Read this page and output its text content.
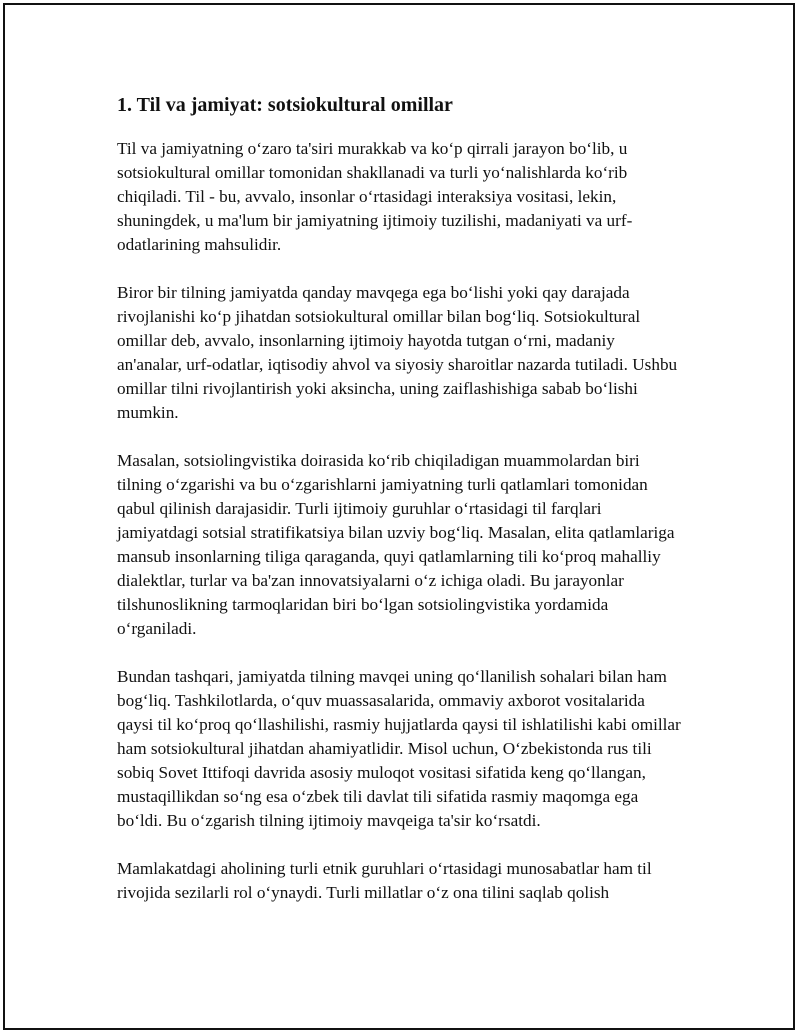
1. Til va jamiyat: sotsiokultural omillar

Til va jamiyatning o‘zaro ta'siri murakkab va ko‘p qirrali jarayon bo‘lib, u sotsiokultural omillar tomonidan shakllanadi va turli yo‘nalishlarda ko‘rib chiqiladi. Til - bu, avvalo, insonlar o‘rtasidagi interaksiya vositasi, lekin, shuningdek, u ma'lum bir jamiyatning ijtimoiy tuzilishi, madaniyati va urf-odatlarining mahsulidir.

Biror bir tilning jamiyatda qanday mavqega ega bo‘lishi yoki qay darajada rivojlanishi ko‘p jihatdan sotsiokultural omillar bilan bog‘liq. Sotsiokultural omillar deb, avvalo, insonlarning ijtimoiy hayotda tutgan o‘rni, madaniy an'analar, urf-odatlar, iqtisodiy ahvol va siyosiy sharoitlar nazarda tutiladi. Ushbu omillar tilni rivojlantirish yoki aksincha, uning zaiflashishiga sabab bo‘lishi mumkin.

Masalan, sotsiolingvistika doirasida ko‘rib chiqiladigan muammolardan biri tilning o‘zgarishi va bu o‘zgarishlarni jamiyatning turli qatlamlari tomonidan qabul qilinish darajasidir. Turli ijtimoiy guruhlar o‘rtasidagi til farqlari jamiyatdagi sotsial stratifikatsiya bilan uzviy bog‘liq. Masalan, elita qatlamlariga mansub insonlarning tiliga qaraganda, quyi qatlamlarning tili ko‘proq mahalliy dialektlar, turlar va ba'zan innovatsiyalarni o‘z ichiga oladi. Bu jarayonlar tilshunoslikning tarmoqlaridan biri bo‘lgan sotsiolingvistika yordamida o‘rganiladi.

Bundan tashqari, jamiyatda tilning mavqei uning qo‘llanilish sohalari bilan ham bog‘liq. Tashkilotlarda, o‘quv muassasalarida, ommaviy axborot vositalarida qaysi til ko‘proq qo‘llashilishi, rasmiy hujjatlarda qaysi til ishlatilishi kabi omillar ham sotsiokultural jihatdan ahamiyatlidir. Misol uchun, O‘zbekistonda rus tili sobiq Sovet Ittifoqi davrida asosiy muloqot vositasi sifatida keng qo‘llangan, mustaqillikdan so‘ng esa o‘zbek tili davlat tili sifatida rasmiy maqomga ega bo‘ldi. Bu o‘zgarish tilning ijtimoiy mavqeiga ta'sir ko‘rsatdi.

Mamlakatdagi aholining turli etnik guruhlari o‘rtasidagi munosabatlar ham til rivojida sezilarli rol o‘ynaydi. Turli millatlar o‘z ona tilini saqlab qolish
